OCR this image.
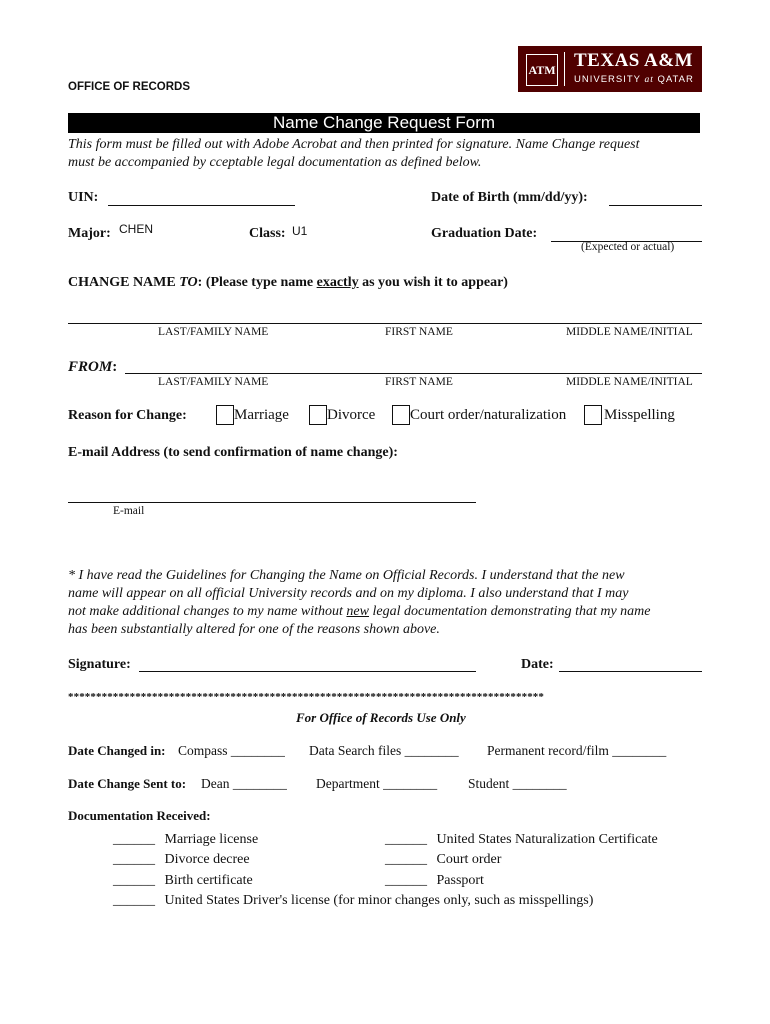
OFFICE OF RECORDS
ATM TEXAS A&M
UNIVERSITY at QATAR
Name Change Request Form
This form must be filled out with Adobe Acrobat and then printed for signature. Name Change request
must be accompanied by cceptable legal documentation as defined below.
UIN:	Date of Birth (mm/dd/yy):
Major: CHEN	Class: U1	Graduation Date:
(Expected or actual)
CHANGE NAME TO: (Please type name exactly as you wish it to appear)
LAST/FAMILY NAME	FIRST NAME	MIDDLE NAME/INITIAL
FROM:
LAST/FAMILY NAME	FIRST NAME	MIDDLE NAME/INITIAL
Reason for Change:	Marriage	Divorce Court order/naturalization	Misspelling
E-mail Address (to send confirmation of name change):
E-mail
* I have read the Guidelines for Changing the Name on Official Records. I understand that the new
name will appear on all official University records and on my diploma. I also understand that I may
not make additional changes to my name without new legal documentation demonstrating that my name
has been substantially altered for one of the reasons shown above.
Signature:	Date:
*************************************************************************************
For Office of Records Use Only
Date Changed in: Compass ________ Data Search files ________ Permanent record/film ________
Date Change Sent to: Dean ________ Department ________ Student ________
Documentation Received:
______ Marriage license
______ Divorce decree
______ Birth certificate
______ United States Driver's license (for minor changes only, such as misspellings)
______ United States Naturalization Certificate
______ Court order
______ Passport
